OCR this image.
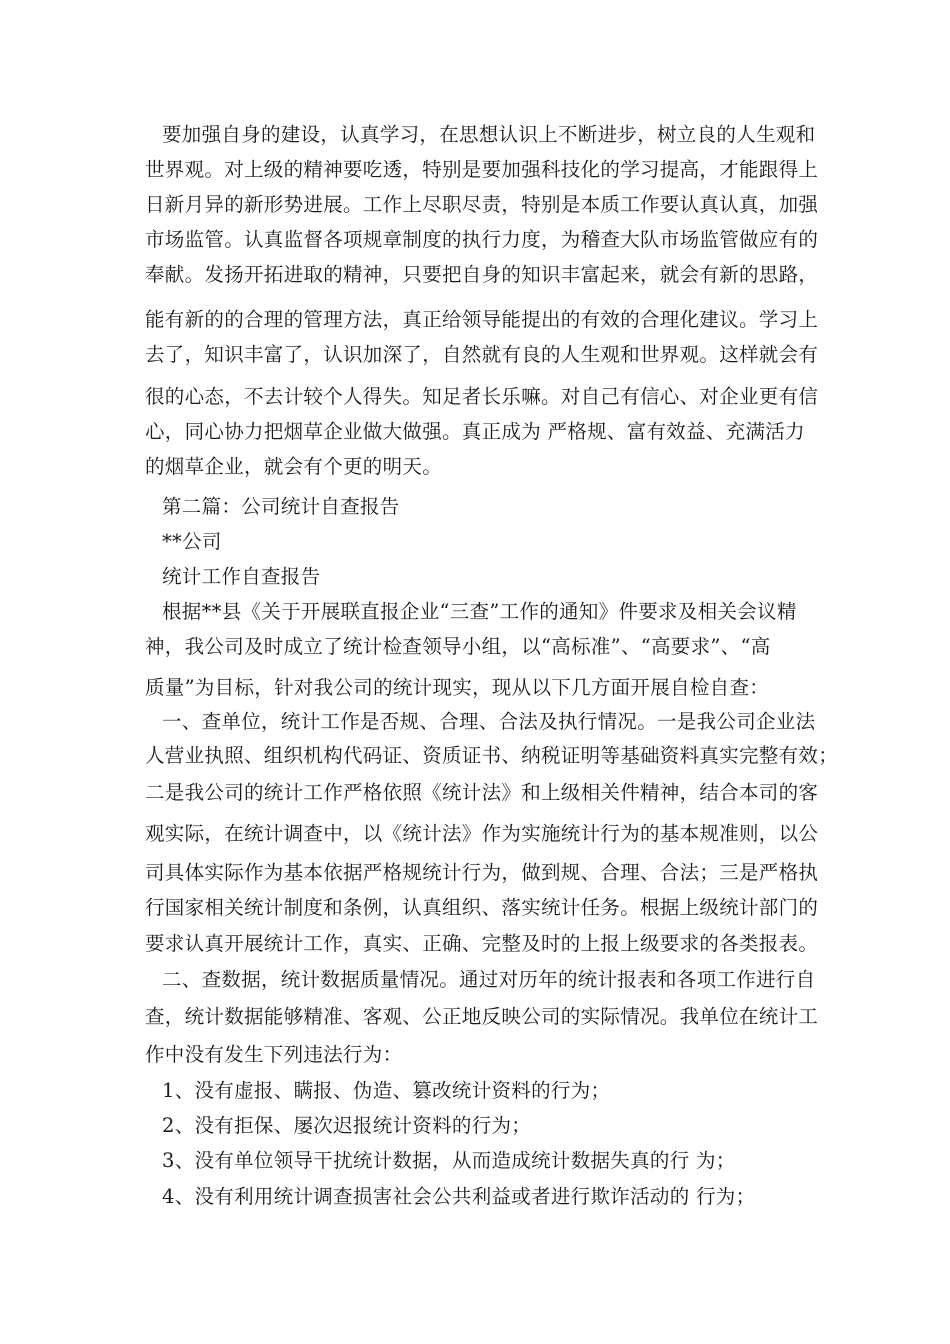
要加强自身的建设，认真学习，在思想认识上不断进步，树立良的人生观和
世界观。对上级的精神要吃透，特别是要加强科技化的学习提高，才能跟得上
日新月异的新形势进展。工作上尽职尽责，特别是本质工作要认真认真，加强
市场监管。认真监督各项规章制度的执行力度，为稽查大队市场监管做应有的
奉献。发扬开拓进取的精神，只要把自身的知识丰富起来，就会有新的思路，
能有新的的合理的管理方法，真正给领导能提出的有效的合理化建议。学习上
去了，知识丰富了，认识加深了，自然就有良的人生观和世界观。这样就会有
很的心态，不去计较个人得失。知足者长乐嘛。对自己有信心、对企业更有信
心，同心协力把烟草企业做大做强。真正成为 严格规、富有效益、充满活力
的烟草企业，就会有个更的明天。
第二篇：公司统计自查报告
**公司
统计工作自查报告
根据**县《关于开展联直报企业“三查”工作的通知》件要求及相关会议精
神，我公司及时成立了统计检查领导小组，以“高标准”、“高要求”、“高
质量”为目标，针对我公司的统计现实，现从以下几方面开展自检自查：
一、查单位，统计工作是否规、合理、合法及执行情况。一是我公司企业法
人营业执照、组织机构代码证、资质证书、纳税证明等基础资料真实完整有效；
二是我公司的统计工作严格依照《统计法》和上级相关件精神，结合本司的客
观实际，在统计调查中，以《统计法》作为实施统计行为的基本规准则，以公
司具体实际作为基本依据严格规统计行为，做到规、合理、合法；三是严格执
行国家相关统计制度和条例，认真组织、落实统计任务。根据上级统计部门的
要求认真开展统计工作，真实、正确、完整及时的上报上级要求的各类报表。
二、查数据，统计数据质量情况。通过对历年的统计报表和各项工作进行自
查，统计数据能够精准、客观、公正地反映公司的实际情况。我单位在统计工
作中没有发生下列违法行为：
1、没有虚报、瞒报、伪造、篡改统计资料的行为；
2、没有拒保、屡次迟报统计资料的行为；
3、没有单位领导干扰统计数据，从而造成统计数据失真的行 为；
4、没有利用统计调查损害社会公共利益或者进行欺诈活动的 行为；
